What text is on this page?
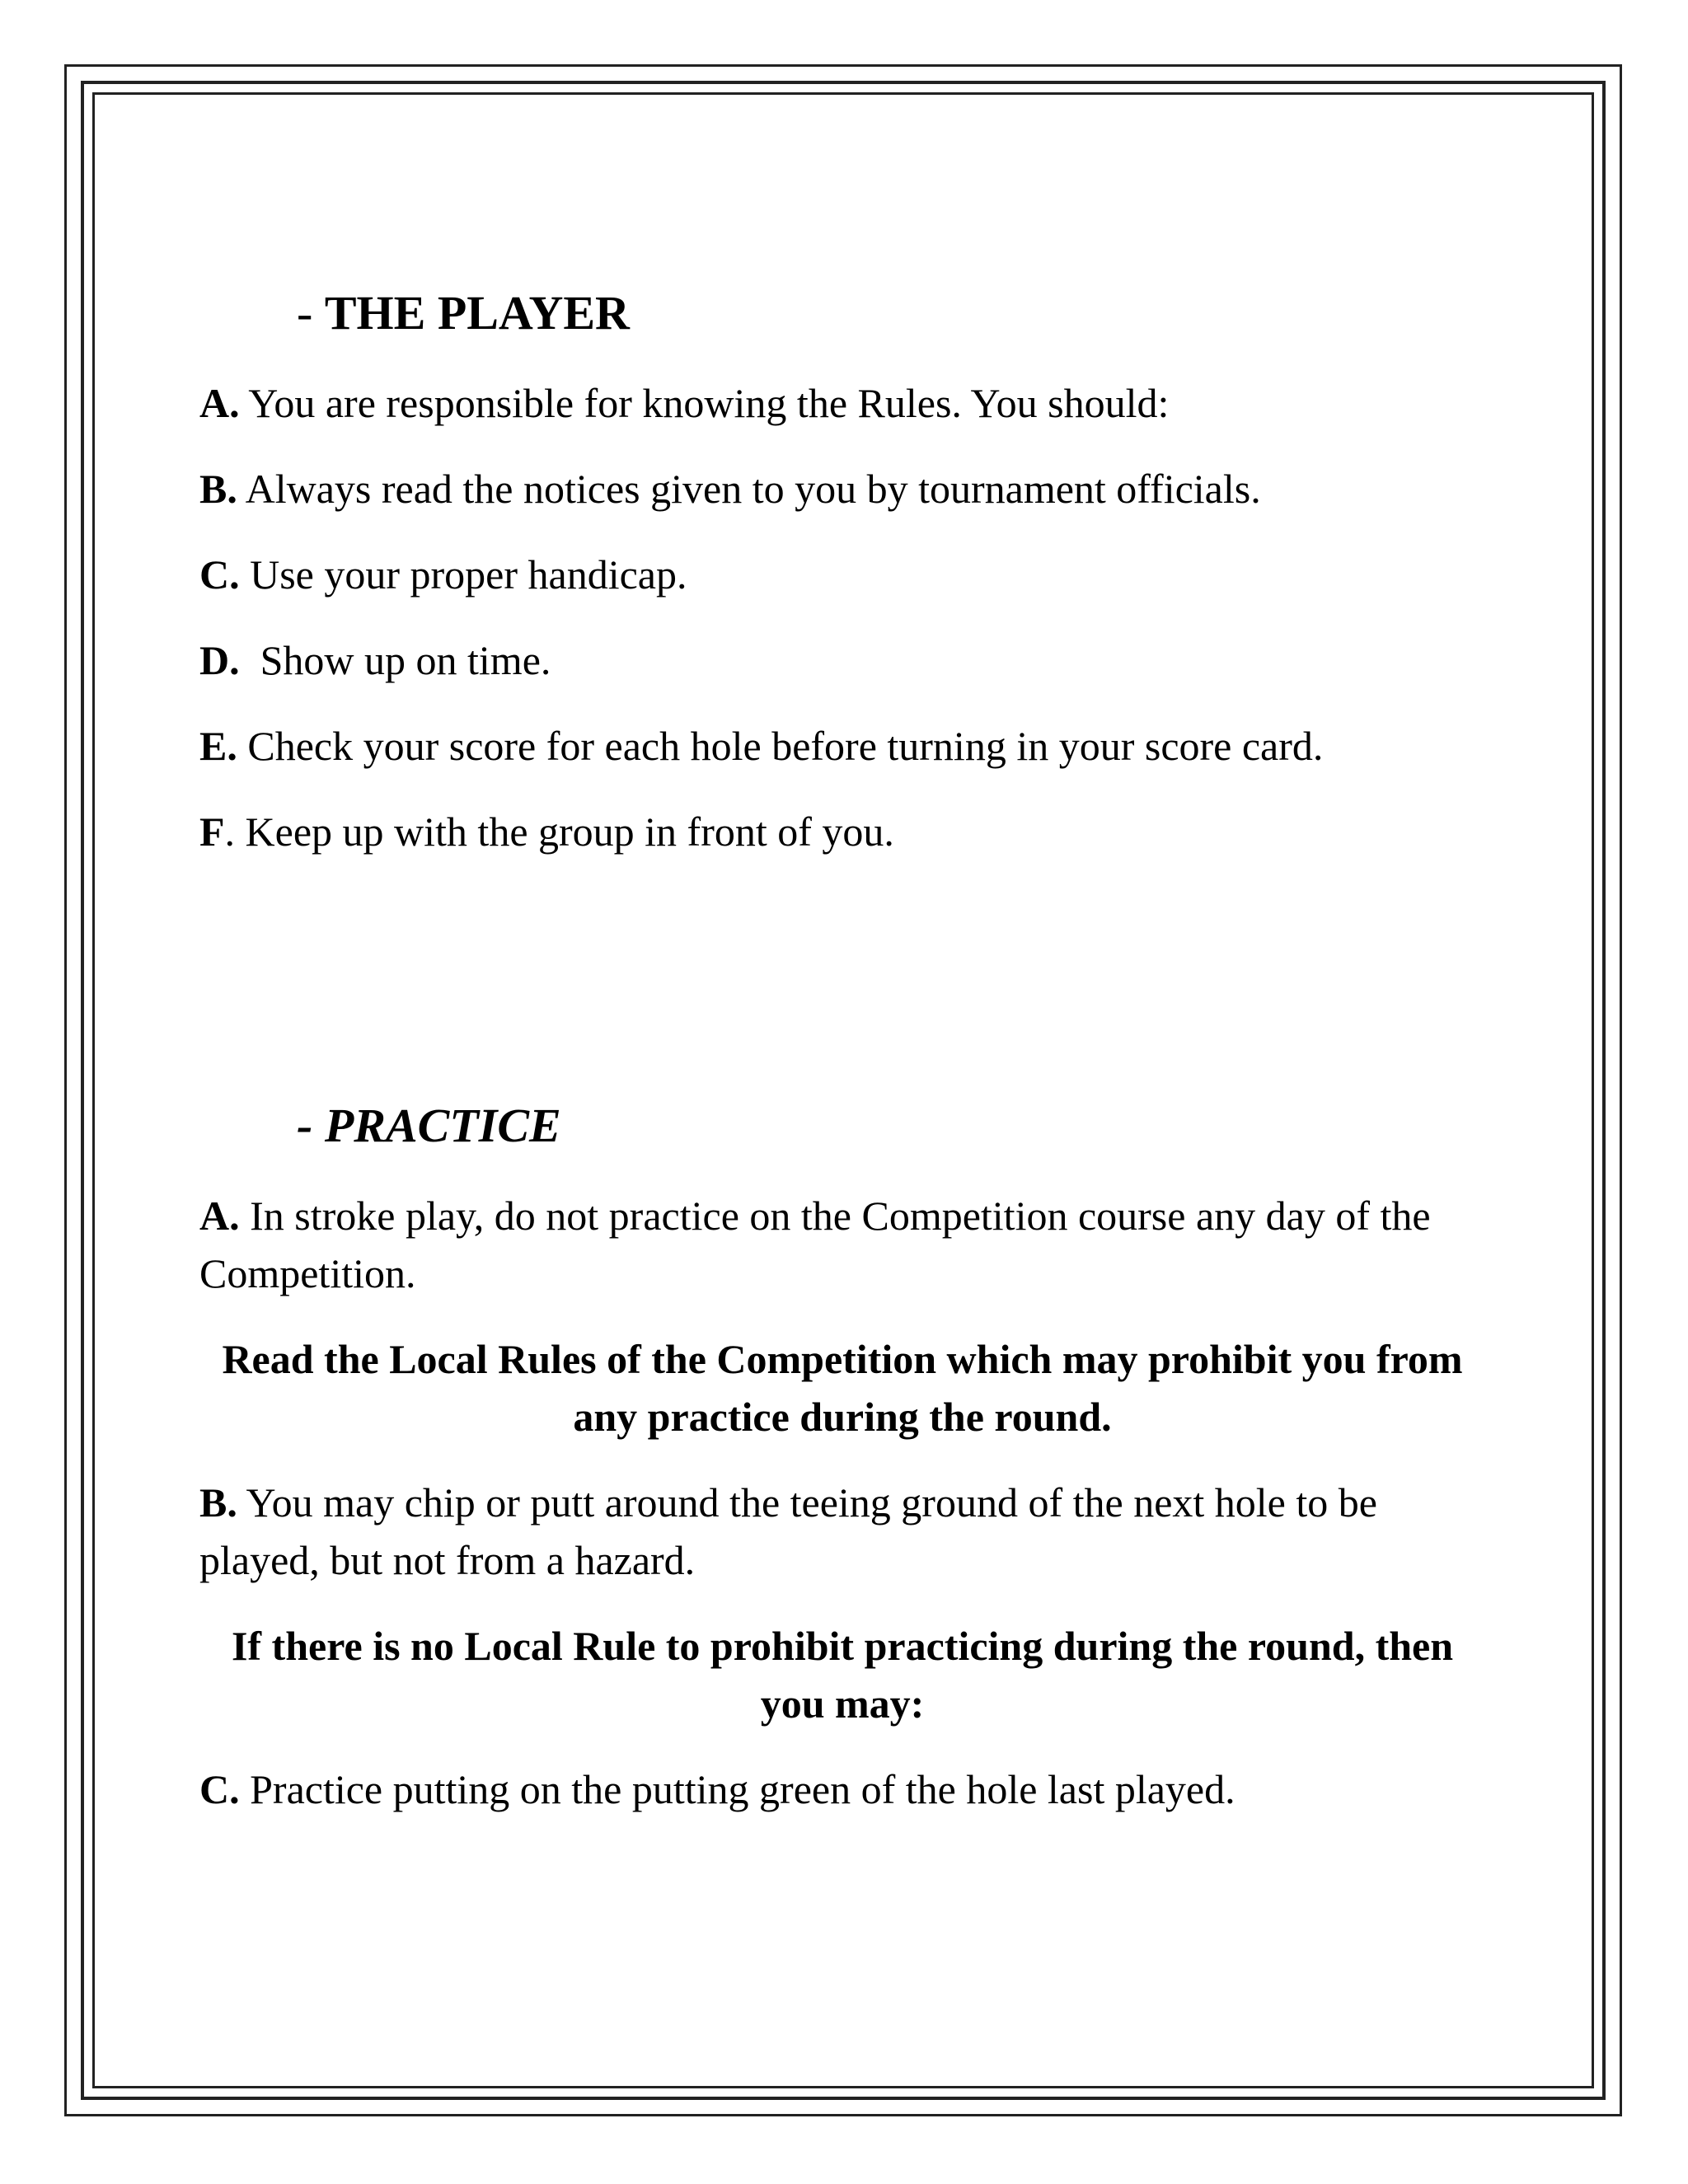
- THE PLAYER

A. You are responsible for knowing the Rules. You should:

B. Always read the notices given to you by tournament officials.

C. Use your proper handicap.

D.  Show up on time.

E. Check your score for each hole before turning in your score card.

F. Keep up with the group in front of you.

- PRACTICE

A. In stroke play, do not practice on the Competition course any day of the Competition.

Read the Local Rules of the Competition which may prohibit you from any practice during the round.

B. You may chip or putt around the teeing ground of the next hole to be played, but not from a hazard.

If there is no Local Rule to prohibit practicing during the round, then you may:

C. Practice putting on the putting green of the hole last played.
